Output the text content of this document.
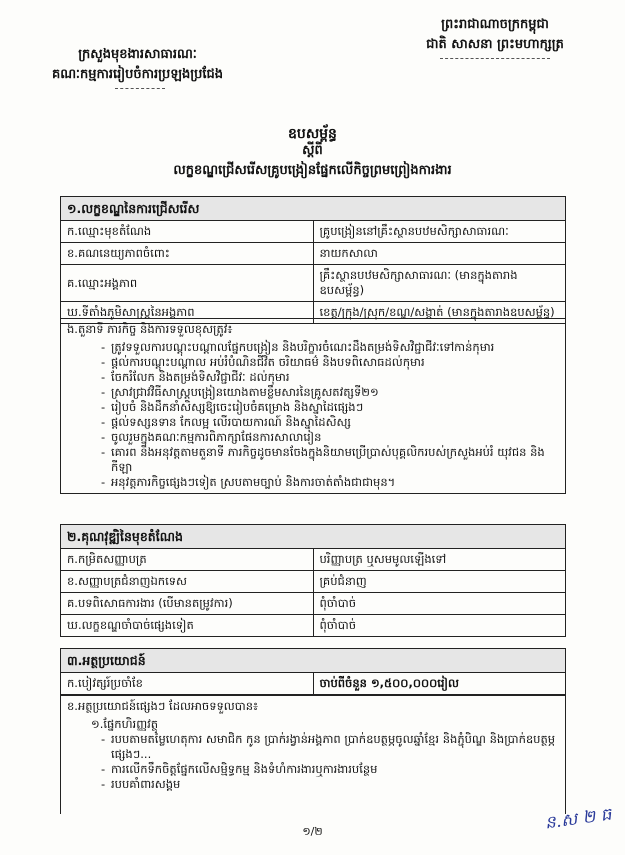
ព្រះរាជាណាចក្រកម្ពុជា
ជាតិ សាសនា ព្រះមហាក្សត្រ
ក្រសួងមុខងារសាធារណៈ
គណៈកម្មការរៀបចំការប្រឡងប្រជែង
ឧបសម្ព័ន្ធ
ស្ដីពី
លក្ខខណ្ឌជ្រើសរើសគ្រូបង្រៀនផ្នែកលើកិច្ចព្រមព្រៀងការងារ
១.លក្ខខណ្ឌនៃការជ្រើសរើស	
ក.ឈ្មោះមុខតំណែង	គ្រូបង្រៀននៅគ្រឹះស្ថានបឋមសិក្សាសាធារណៈ
ខ.គណនេយ្យភាពចំពោះ	នាយកសាលា
គ.ឈ្មោះអង្គភាព	គ្រឹះស្ថានបឋមសិក្សាសាធារណៈ (មានក្នុងតារាងឧបសម្ព័ន្ធ)
ឃ.ទីតាំងភូមិសាស្ត្រនៃអង្គភាព	ខេត្ត/ក្រុង/ស្រុក/ខណ្ឌ/សង្កាត់ (មានក្នុងតារាងឧបសម្ព័ន្ធ)
ង.តួនាទី ភារកិច្ច និងការទទួលខុសត្រូវ៖
- ត្រូវទទួលការបណ្ដុះបណ្ដាលផ្នែកបង្រៀន និងបរិក្ខារចំណេះដឹងតម្រង់ទិសវិជ្ជាជីវៈទៅកាន់កុមារ
- ផ្ដល់ការបណ្ដុះបណ្ដាល អប់រំបំណិនជីវិត ចរិយាធម៌ និងបទពិសោធដល់កុមារ
- ចែករំលែក និងតម្រង់ទិសវិជ្ជាជីវៈ ដល់កុមារ
- ស្រាវជ្រាវវិធីសាស្ត្របង្រៀនយោងតាមខ្លឹមសារនៃគ្រូសតវត្សទី២១
- រៀបចំ និងដឹកនាំសិស្សឱ្យចេះរៀបចំគម្រោង និងស្នាដៃផ្សេងៗ
- ផ្ដល់ទស្សនទាន កែលម្អ លើរបាយការណ៍ និងស្នាដៃសិស្ស
- ចូលរួមក្នុងគណៈកម្មការពិភាក្សាផែនការសាលារៀន
- គោរព និងអនុវត្តតាមតួនាទី ភារកិច្ចដូចមានចែងក្នុងនិយាមប្រើប្រាស់បុគ្គលិករបស់ក្រសួងអប់រំ យុវជន និងកីឡា
- អនុវត្តភារកិច្ចផ្សេងៗទៀត ស្របតាមច្បាប់ និងការចាត់តាំងជាជាមុន។
២.គុណវុឌ្ឍិនៃមុខតំណែង	
ក.កម្រិតសញ្ញាបត្រ	បរិញ្ញាបត្រ ឬសមមូលឡើងទៅ
ខ.សញ្ញាបត្រជំនាញឯកទេស	គ្រប់ជំនាញ
គ.បទពិសោធការងារ (បើមានតម្រូវការ)	ពុំចាំបាច់
ឃ.លក្ខខណ្ឌចាំបាច់ផ្សេងទៀត	ពុំចាំបាច់
៣.អត្ថប្រយោជន៍
ក.បៀវត្សរ៍ប្រចាំខែ	ចាប់ពីចំនួន ១,៥០០,០០០រៀល
ខ.អត្ថប្រយោជន៍ផ្សេងៗ ដែលអាចទទួលបាន៖
១.ផ្នែកហិរញ្ញវត្ថុ
- របបតាមតម្លៃហេតុការ សមាជិក កូន ប្រាក់រង្វាន់អង្គភាព ប្រាក់ឧបត្ថម្ភចូលឆ្នាំខ្មែរ និងភ្ជុំបិណ្ឌ និងប្រាក់ឧបត្ថម្ភផ្សេងៗ...
- ការលើកទឹកចិត្តផ្នែកលើសម្មិទ្ធកម្ម និងទំហំការងារឬការងារបន្ថែម
- របបគាំពារសង្គម
១/២	ន.ស ២ ធ
